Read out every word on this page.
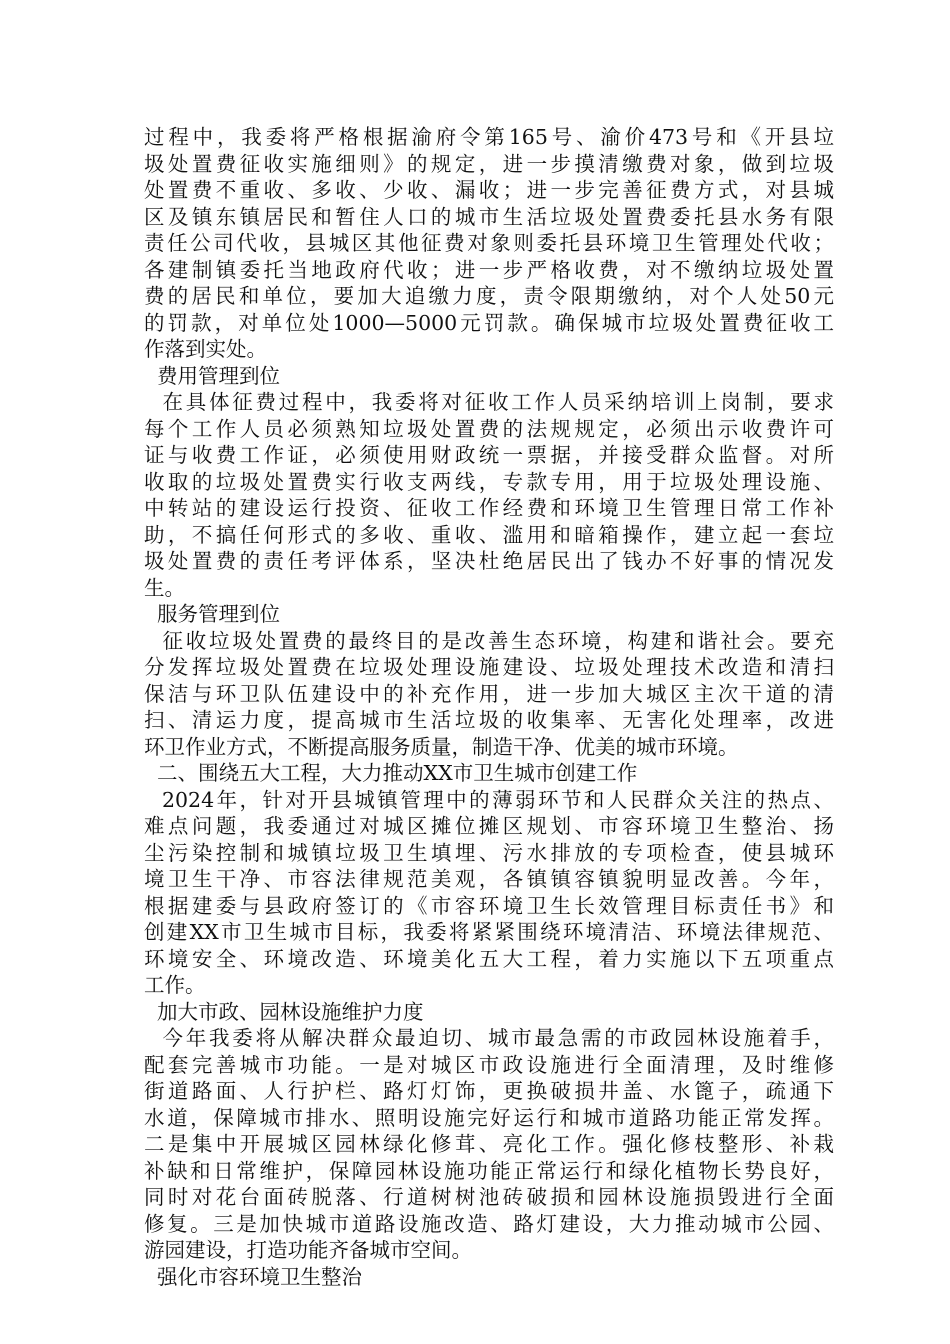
过程中，我委将严格根据渝府令第165号、渝价473号和《开县垃
圾处置费征收实施细则》的规定，进一步摸清缴费对象，做到垃圾
处置费不重收、多收、少收、漏收；进一步完善征费方式，对县城
区及镇东镇居民和暂住人口的城市生活垃圾处置费委托县水务有限
责任公司代收，县城区其他征费对象则委托县环境卫生管理处代收；
各建制镇委托当地政府代收；进一步严格收费，对不缴纳垃圾处置
费的居民和单位，要加大追缴力度，责令限期缴纳，对个人处50元
的罚款，对单位处1000—5000元罚款。确保城市垃圾处置费征收工
作落到实处。
费用管理到位
在具体征费过程中，我委将对征收工作人员采纳培训上岗制，要求
每个工作人员必须熟知垃圾处置费的法规规定，必须出示收费许可
证与收费工作证，必须使用财政统一票据，并接受群众监督。对所
收取的垃圾处置费实行收支两线，专款专用，用于垃圾处理设施、
中转站的建设运行投资、征收工作经费和环境卫生管理日常工作补
助，不搞任何形式的多收、重收、滥用和暗箱操作，建立起一套垃
圾处置费的责任考评体系，坚决杜绝居民出了钱办不好事的情况发
生。
服务管理到位
征收垃圾处置费的最终目的是改善生态环境，构建和谐社会。要充
分发挥垃圾处置费在垃圾处理设施建设、垃圾处理技术改造和清扫
保洁与环卫队伍建设中的补充作用，进一步加大城区主次干道的清
扫、清运力度，提高城市生活垃圾的收集率、无害化处理率，改进
环卫作业方式，不断提高服务质量，制造干净、优美的城市环境。
二、围绕五大工程，大力推动XX市卫生城市创建工作
2024年，针对开县城镇管理中的薄弱环节和人民群众关注的热点、
难点问题，我委通过对城区摊位摊区规划、市容环境卫生整治、扬
尘污染控制和城镇垃圾卫生填埋、污水排放的专项检查，使县城环
境卫生干净、市容法律规范美观，各镇镇容镇貌明显改善。今年，
根据建委与县政府签订的《市容环境卫生长效管理目标责任书》和
创建XX市卫生城市目标，我委将紧紧围绕环境清洁、环境法律规范、
环境安全、环境改造、环境美化五大工程，着力实施以下五项重点
工作。
加大市政、园林设施维护力度
今年我委将从解决群众最迫切、城市最急需的市政园林设施着手，
配套完善城市功能。一是对城区市政设施进行全面清理，及时维修
街道路面、人行护栏、路灯灯饰，更换破损井盖、水篦子，疏通下
水道，保障城市排水、照明设施完好运行和城市道路功能正常发挥。
二是集中开展城区园林绿化修茸、亮化工作。强化修枝整形、补栽
补缺和日常维护，保障园林设施功能正常运行和绿化植物长势良好，
同时对花台面砖脱落、行道树树池砖破损和园林设施损毁进行全面
修复。三是加快城市道路设施改造、路灯建设，大力推动城市公园、
游园建设，打造功能齐备城市空间。
强化市容环境卫生整治
